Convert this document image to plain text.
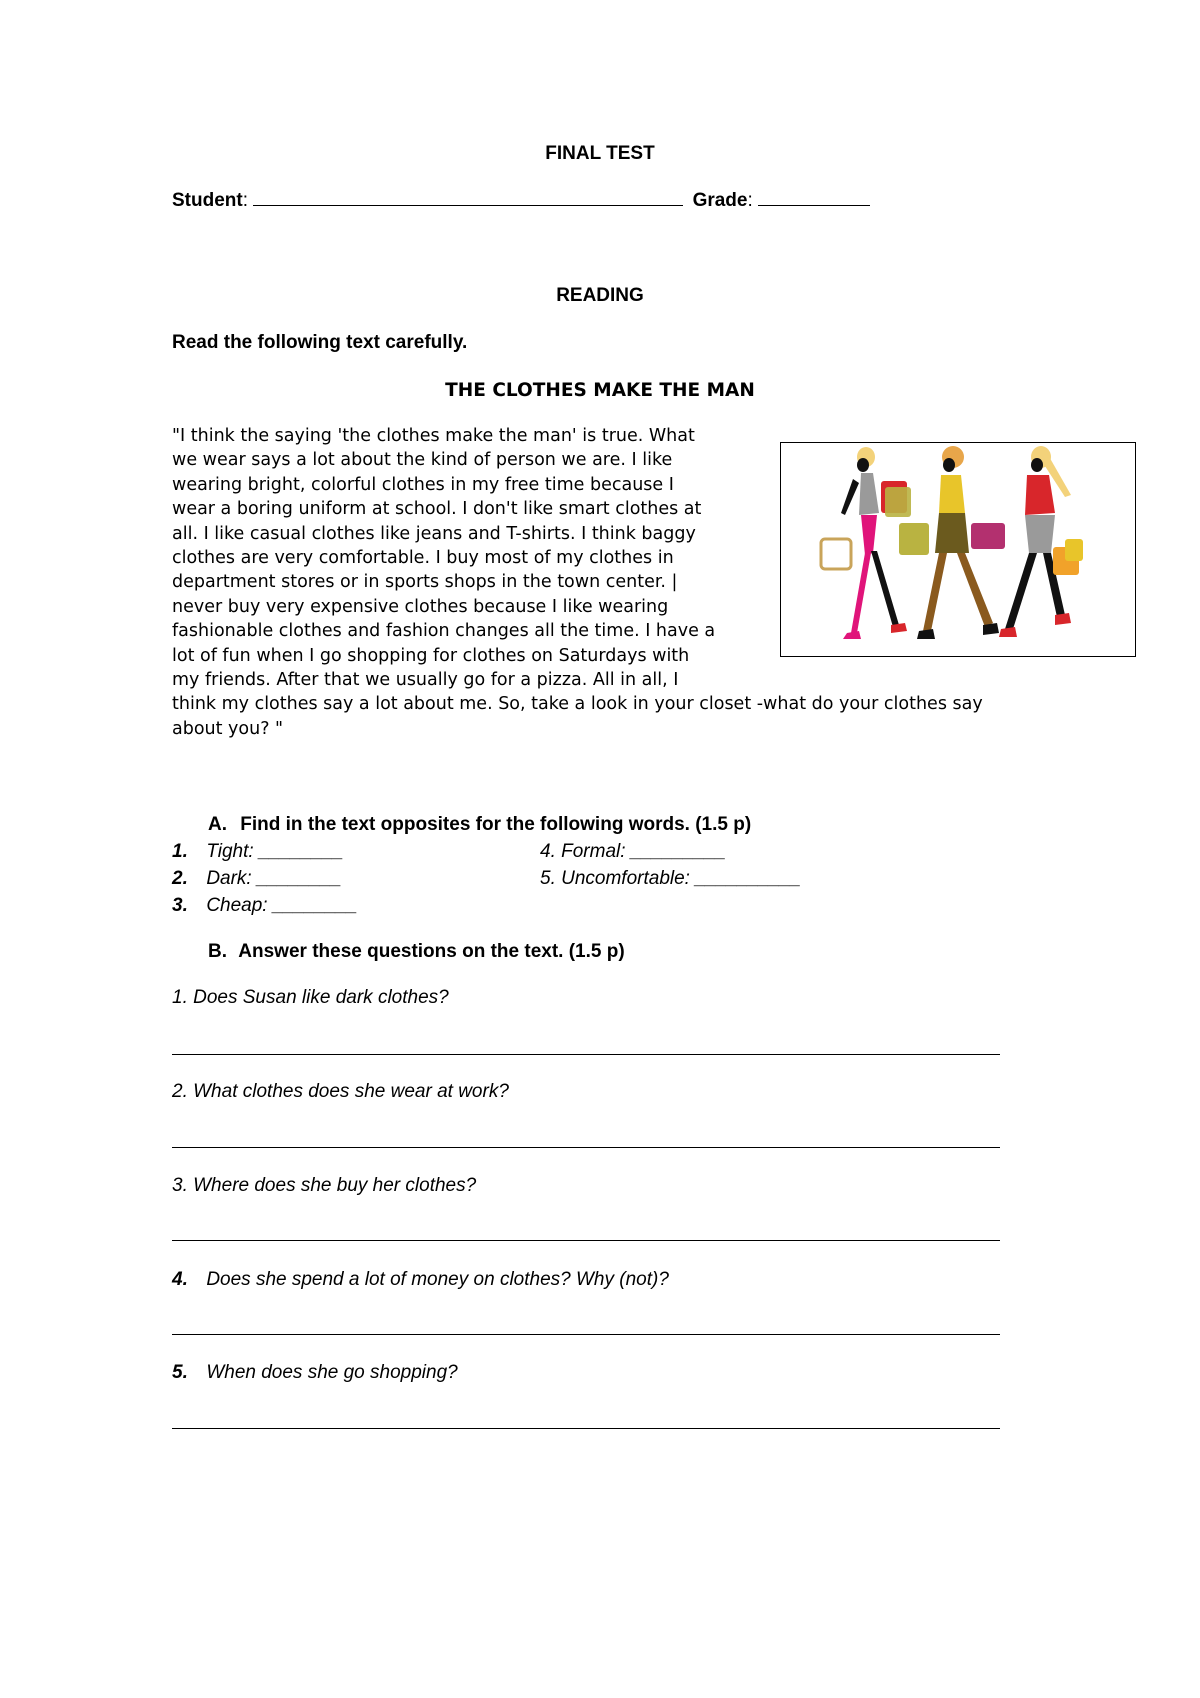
FINAL TEST
Student:	Grade:
READING
Read the following text carefully.
THE CLOTHES MAKE THE MAN
"I think the saying 'the clothes make the man' is true. What
we wear says a lot about the kind of person we are. I like
wearing bright, colorful clothes in my free time because I
wear a boring uniform at school. I don't like smart clothes at
all. I like casual clothes like jeans and T-shirts. I think baggy
clothes are very comfortable. I buy most of my clothes in
department stores or in sports shops in the town center. |
never buy very expensive clothes because I like wearing
fashionable clothes and fashion changes all the time. I have a
lot of fun when I go shopping for clothes on Saturdays with
my friends. After that we usually go for a pizza. All in all, I
think my clothes say a lot about me. So, take a look in your closet -what do your clothes say
about you? "
A. Find in the text opposites for the following words. (1.5 p)
1. Tight: ________
2. Dark: ________
3. Cheap: ________
4. Formal: _________
5. Uncomfortable: __________
B. Answer these questions on the text. (1.5 p)
1. Does Susan like dark clothes?
2. What clothes does she wear at work?
3. Where does she buy her clothes?
4. Does she spend a lot of money on clothes? Why (not)?
5. When does she go shopping?
